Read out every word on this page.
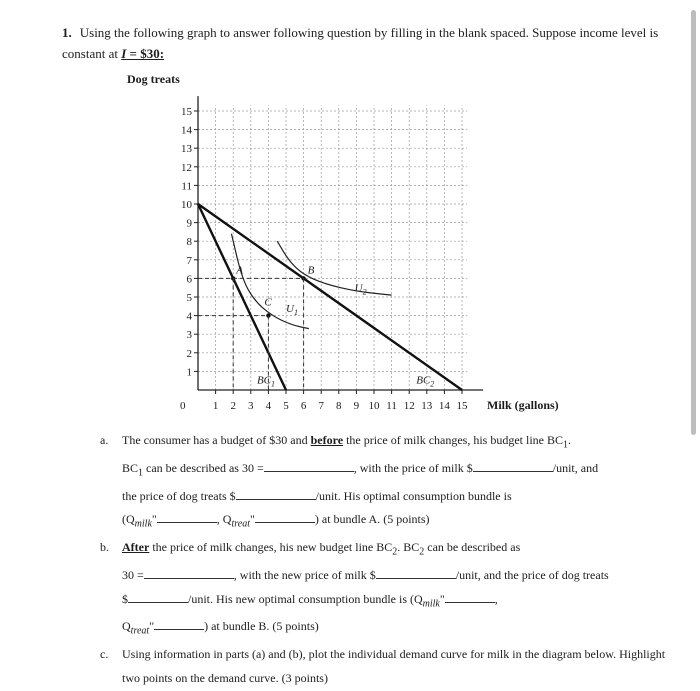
1. Using the following graph to answer following question by filling in the blank spaced. Suppose income level is constant at I = $30:
1
2
3
4
5
6
7
8
9
10
11
12
13
14
15
1 2 3 4 5 6 7 8 9 10 11 12 13 14 15
A	B
C
$BC_1$	$BC_2$
$U_1$
$U_2$
Dog treats
Milk (gallons)
0
a. The consumer has a budget of $30 and before the price of milk changes, his budget line $BC_1$.
$BC_1$ can be described as 30 =	, with the price of milk $	/unit, and
the price of dog treats $	/unit. His optimal consumption bundle is
($Q_{milk}$"	, $Q_{treat}$"	) at bundle A. (5 points)
b. After the price of milk changes, his new budget line $BC_2$. $BC_2$ can be described as
30 =	, with the new price of milk $	/unit, and the price of dog treats
$	/unit. His new optimal consumption bundle is ($Q_{milk}$"	,
$Q_{treat}$"	) at bundle B. (5 points)
c. Using information in parts (a) and (b), plot the individual demand curve for milk in the diagram below. Highlight two points on the demand curve. (3 points)
